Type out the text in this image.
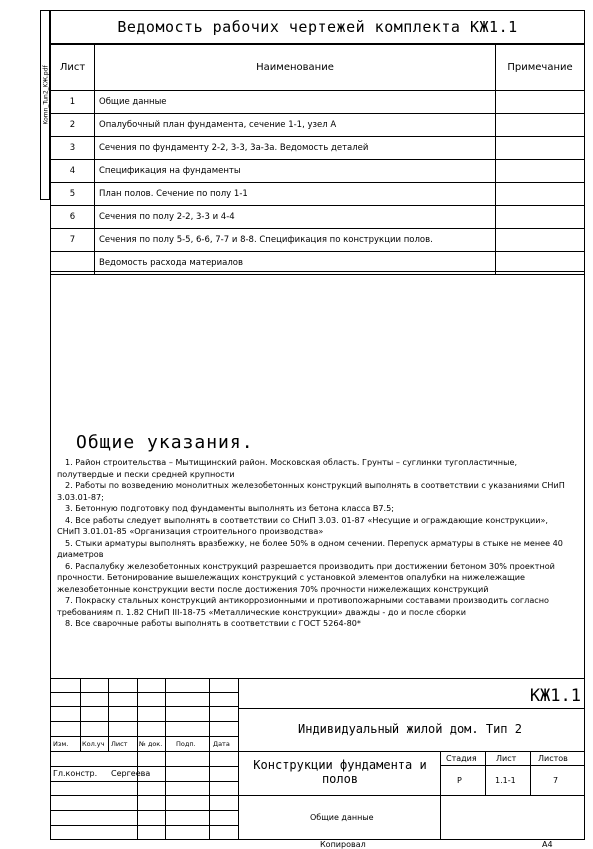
Komn_Tun2_KЖ.pdf
Ведомость рабочих чертежей комплекта КЖ1.1
Лист	Наименование	Примечание
1	Общие данные	
2	Опалубочный план фундамента, сечение 1-1, узел А	
3	Сечения по фундаменту 2-2, 3-3, 3а-3а. Ведомость деталей	
4	Спецификация на фундаменты	
5	План полов. Сечение по полу 1-1	
6	Сечения по полу 2-2, 3-3 и 4-4	
7	Сечения по полу 5-5, 6-6, 7-7 и 8-8. Спецификация по конструкции полов.	
	Ведомость расхода материалов	
Общие указания.

1. Район строительства – Мытищинский район. Московская область. Грунты – суглинки тугопластичные, полутвердые и пески средней крупности

2. Работы по возведению монолитных железобетонных конструкций выполнять в соответствии с указаниями СНиП 3.03.01-87;

3. Бетонную подготовку под фундаменты выполнять из бетона класса В7.5;

4. Все работы следует выполнять в соответствии со СНиП 3.03. 01-87 «Несущие и ограждающие конструкции», СНиП 3.01.01-85 «Организация строительного производства»

5. Стыки арматуры выполнять вразбежку, не более 50% в одном сечении. Перепуск арматуры в стыке не менее 40 диаметров

6. Распалубку железобетонных конструкций разрешается производить при достижении бетоном 30% проектной прочности. Бетонирование вышележащих конструкций с установкой элементов опалубки на нижележащие железобетонные конструкции вести после достижения 70% прочности нижележащих конструкций

7. Покраску стальных конструкций антикоррозионными и противопожарными составами производить согласно требованиям п. 1.82 СНиП III-18-75 «Металлические конструкции» дважды - до и после сборки

8. Все сварочные работы выполнять в соответствии с ГОСТ 5264-80*

КЖ1.1
Индивидуальный жилой дом. Тип 2
Изм. Кол.уч Лист № док. Подп.	Дата
Гл.констр. Сергеева
Конструкции фундамента и полов
Стадия Лист	Листов
Р	1.1-1	7
Общие данные
Копировал	А4
